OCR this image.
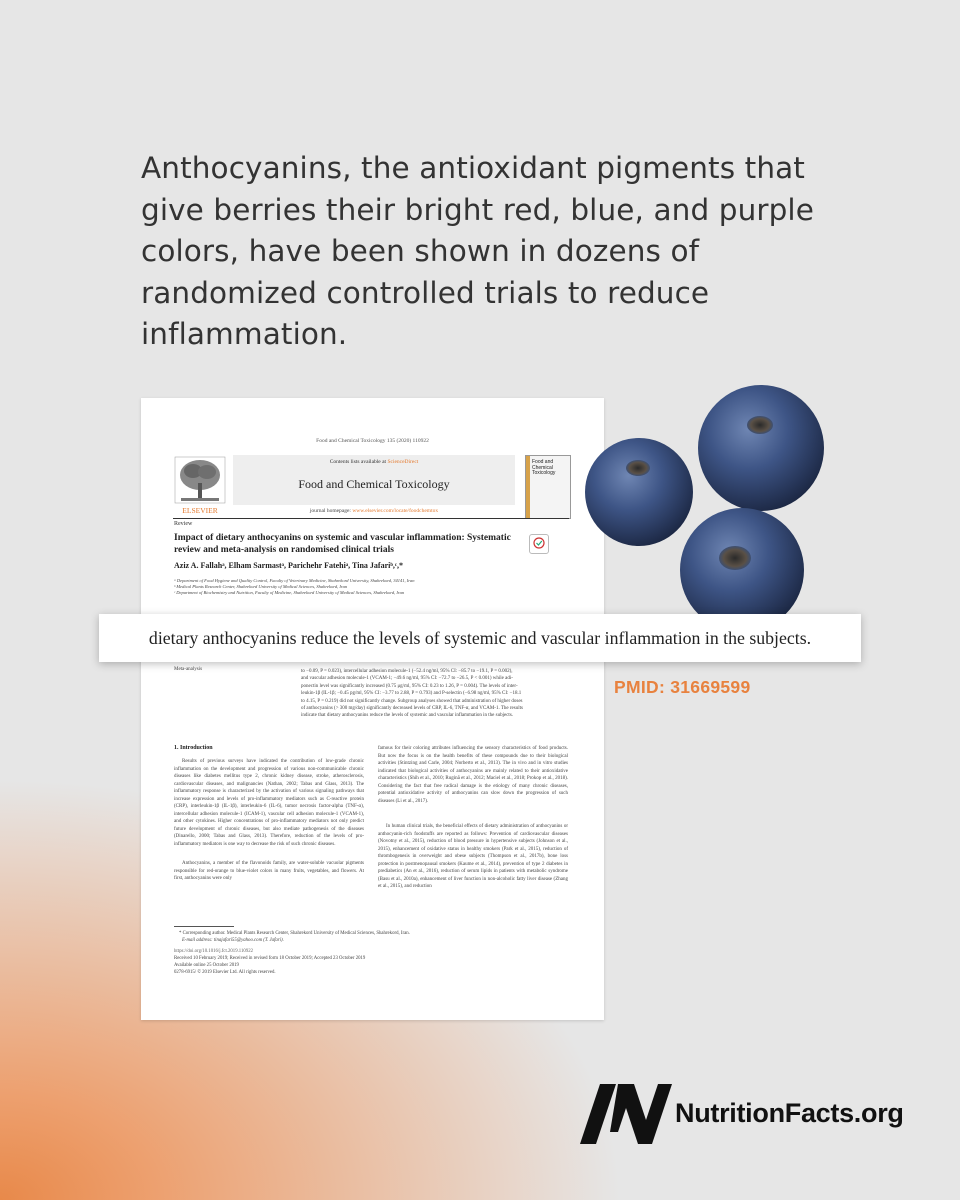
Anthocyanins, the antioxidant pigments that give berries their bright red, blue, and purple colors, have been shown in dozens of randomized controlled trials to reduce inflammation.
Food and Chemical Toxicology 135 (2020) 110922
ELSEVIER
Contents lists available at ScienceDirect
Food and Chemical Toxicology
journal homepage: www.elsevier.com/locate/foodchemtox
Food and Chemical Toxicology
Review
Impact of dietary anthocyanins on systemic and vascular inflammation: Systematic review and meta-analysis on randomised clinical trials
Aziz A. Fallahᵃ, Elham Sarmastᵃ, Parichehr Fatehiᵃ, Tina Jafariᵇ,ᶜ,*
ᵃ Department of Food Hygiene and Quality Control, Faculty of Veterinary Medicine, Shahrekord University, Shahrekord, 34141, Iran
ᵇ Medical Plants Research Center, Shahrekord University of Medical Sciences, Shahrekord, Iran
ᶜ Department of Biochemistry and Nutrition, Faculty of Medicine, Shahrekord University of Medical Sciences, Shahrekord, Iran
Meta-analysis	to −0.09, P = 0.023), intercellular adhesion molecule-1 (−52.4 ng/ml, 95% CI: −85.7 to −19.1, P = 0.002),
and vascular adhesion molecule-1 (VCAM-1; −49.6 ng/ml, 95% CI: −72.7 to −26.5, P < 0.001) while adi-
ponectin level was significantly increased (0.75 μg/ml, 95% CI: 0.23 to 1.26, P = 0.004). The levels of inter-
leukin-1β (IL-1β; −0.45 pg/ml, 95% CI: −3.77 to 2.88, P = 0.793) and P-selectin (−6.98 ng/ml, 95% CI: −18.1
to 4.15, P = 0.219) did not significantly change. Subgroup analyses showed that administration of higher doses
of anthocyanins (> 300 mg/day) significantly decreased levels of CRP, IL-6, TNF-α, and VCAM-1. The results
indicate that dietary anthocyanins reduce the levels of systemic and vascular inflammation in the subjects.
1. Introduction
Results of previous surveys have indicated the contribution of low-grade chronic inflammation on the development and progression of various non-communicable chronic diseases like diabetes mellitus type 2, chronic kidney disease, stroke, atherosclerosis, cardiovascular diseases, and malignancies (Nathan, 2002; Tabas and Glass, 2013). The inflammatory response is characterized by the activation of various signaling pathways that increase expression and levels of pro-inflammatory mediators such as C-reactive protein (CRP), interleukin-1β (IL-1β), interleukin-6 (IL-6), tumor necrosis factor-alpha (TNF-α), intercellular adhesion molecule-1 (ICAM-1), vascular cell adhesion molecule-1 (VCAM-1), and other cytokines. Higher concentrations of pro-inflammatory mediators not only predict future development of chronic diseases, but also mediate pathogenesis of the diseases (Dinarello, 2000; Tabas and Glass, 2013). Therefore, reduction of the levels of pro-inflammatory mediators is one way to decrease the risk of such chronic diseases.
Anthocyanins, a member of the flavonoids family, are water-soluble vacuolar pigments responsible for red-orange to blue-violet colors in many fruits, vegetables, and flowers. At first, anthocyanins were only
famous for their coloring attributes influencing the sensory characteristics of food products. But now the focus is on the health benefits of these compounds due to their biological activities (Stintzing and Carle, 2004; Norberto et al., 2013). The in vivo and in vitro studies indicated that biological activities of anthocyanins are mainly related to their antioxidative characteristics (Shih et al., 2010; Rugină et al., 2012; Maciel et al., 2018; Prokop et al., 2018). Considering the fact that free radical damage is the etiology of many chronic diseases, potential antioxidative activity of anthocyanins can slow down the progression of such diseases (Li et al., 2017).
In human clinical trials, the beneficial effects of dietary administration of anthocyanins or anthocyanin-rich foodstuffs are reported as follows: Prevention of cardiovascular diseases (Novotny et al., 2015), reduction of blood pressure in hypertensive subjects (Johnson et al., 2015), enhancement of oxidative status in healthy smokers (Park et al., 2015), reduction of thrombogenesis in overweight and obese subjects (Thompson et al., 2017b), bone loss protection in postmenopausal smokers (Kaume et al., 2014), prevention of type 2 diabetes in prediabetics (An et al., 2016), reduction of serum lipids in patients with metabolic syndrome (Basu et al., 2010a), enhancement of liver function in non-alcoholic fatty liver disease (Zhang et al., 2015), and reduction
* Corresponding author. Medical Plants Research Center, Shahrekord University of Medical Sciences, Shahrekord, Iran.
E-mail address: tinajafari55@yahoo.com (T. Jafari).
https://doi.org/10.1016/j.fct.2019.110922
Received 10 February 2019; Received in revised form 18 October 2019; Accepted 23 October 2019
Available online 25 October 2019
0278-6915/ © 2019 Elsevier Ltd. All rights reserved.
dietary anthocyanins reduce the levels of systemic and vascular inflammation in the subjects.
PMID: 31669599
NutritionFacts.org
